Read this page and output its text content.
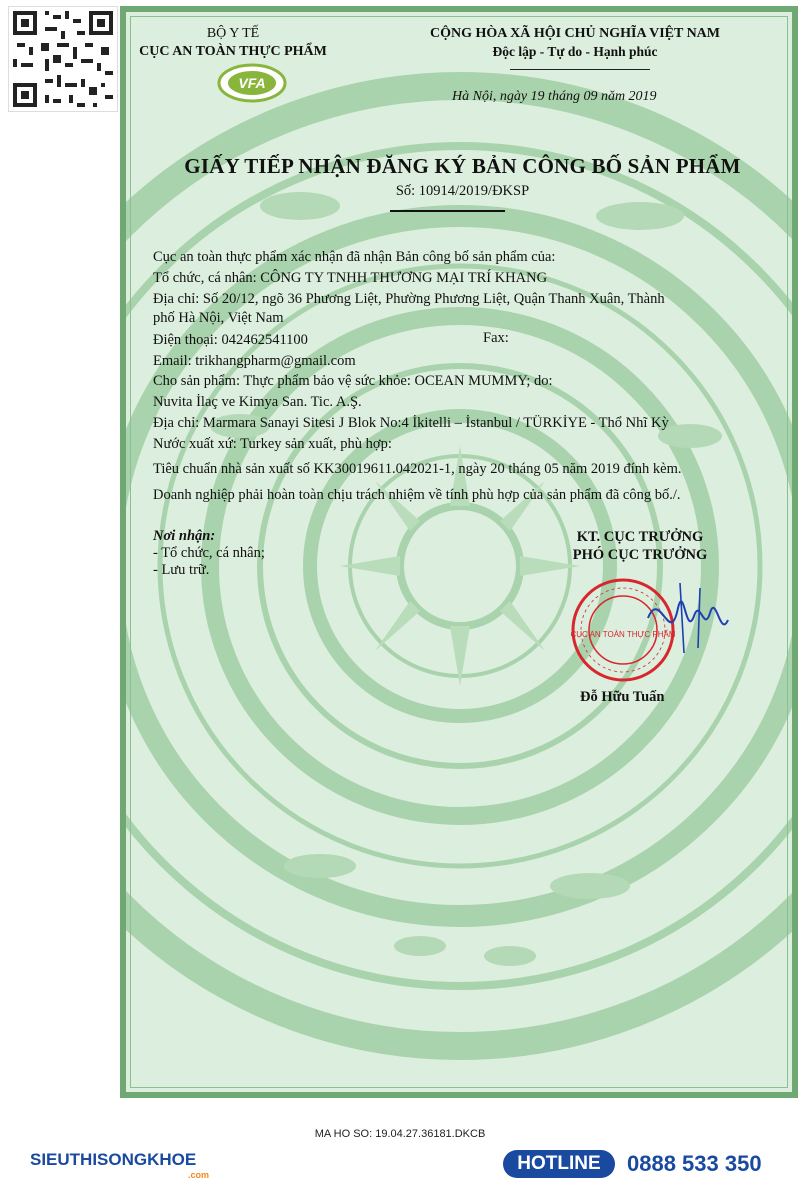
BỘ Y TẾ
CỤC AN TOÀN THỰC PHẨM
VFA
CỘNG HÒA XÃ HỘI CHỦ NGHĨA VIỆT NAM
Độc lập - Tự do - Hạnh phúc
Hà Nội, ngày 19 tháng 09 năm 2019
GIẤY TIẾP NHẬN ĐĂNG KÝ BẢN CÔNG BỐ SẢN PHẨM
Số: 10914/2019/ĐKSP
Cục an toàn thực phẩm xác nhận đã nhận Bản công bố sản phẩm của:
Tổ chức, cá nhân: CÔNG TY TNHH THƯƠNG MẠI TRÍ KHANG
Địa chỉ: Số 20/12, ngõ 36 Phương Liệt, Phường Phương Liệt, Quận Thanh Xuân, Thành
phố Hà Nội, Việt Nam
Điện thoại: 042462541100
Email: trikhangpharm@gmail.com
Cho sản phẩm: Thực phẩm bảo vệ sức khỏe: OCEAN MUMMY; do:
Nuvita İlaç ve Kimya San. Tic. A.Ş.
Địa chỉ: Marmara Sanayi Sitesi J Blok No:4 İkitelli – İstanbul / TÜRKİYE - Thổ Nhĩ Kỳ
Nước xuất xứ: Turkey sản xuất, phù hợp:
Tiêu chuẩn nhà sản xuất số KK30019611.042021-1, ngày 20 tháng 05 năm 2019 đính kèm.
Doanh nghiệp phải hoàn toàn chịu trách nhiệm về tính phù hợp của sản phẩm đã công bố./.
Fax:
Nơi nhận:
- Tổ chức, cá nhân;
- Lưu trữ.
KT. CỤC TRƯỞNG
PHÓ CỤC TRƯỞNG
CỤC AN TOÀN THỰC PHẨM
Đỗ Hữu Tuấn
MA HO SO: 19.04.27.36181.DKCB
SIEUTHISONGKHOE
.com
HOTLINE	0888 533 350
